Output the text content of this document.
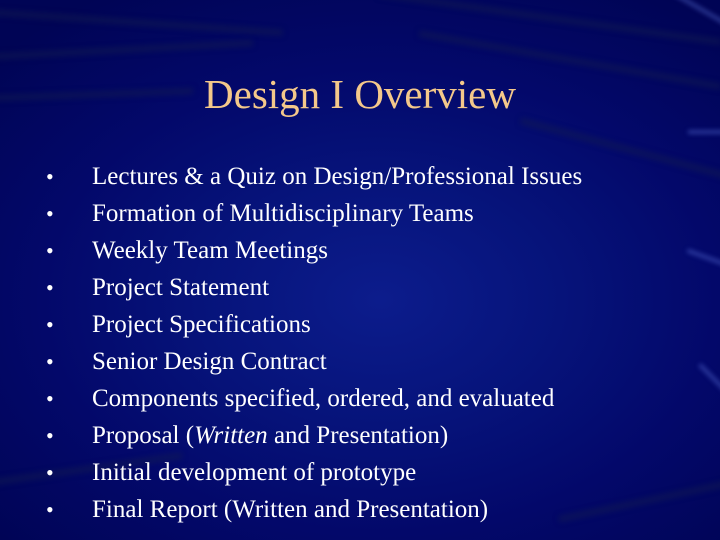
Design I Overview
•	Lectures & a Quiz on Design/Professional Issues
•	Formation of Multidisciplinary Teams
•	Weekly Team Meetings
•	Project Statement
•	Project Specifications
•	Senior Design Contract
•	Components specified, ordered, and evaluated
•	Proposal (Written and Presentation)
•	Initial development of prototype
•	Final Report (Written and Presentation)
